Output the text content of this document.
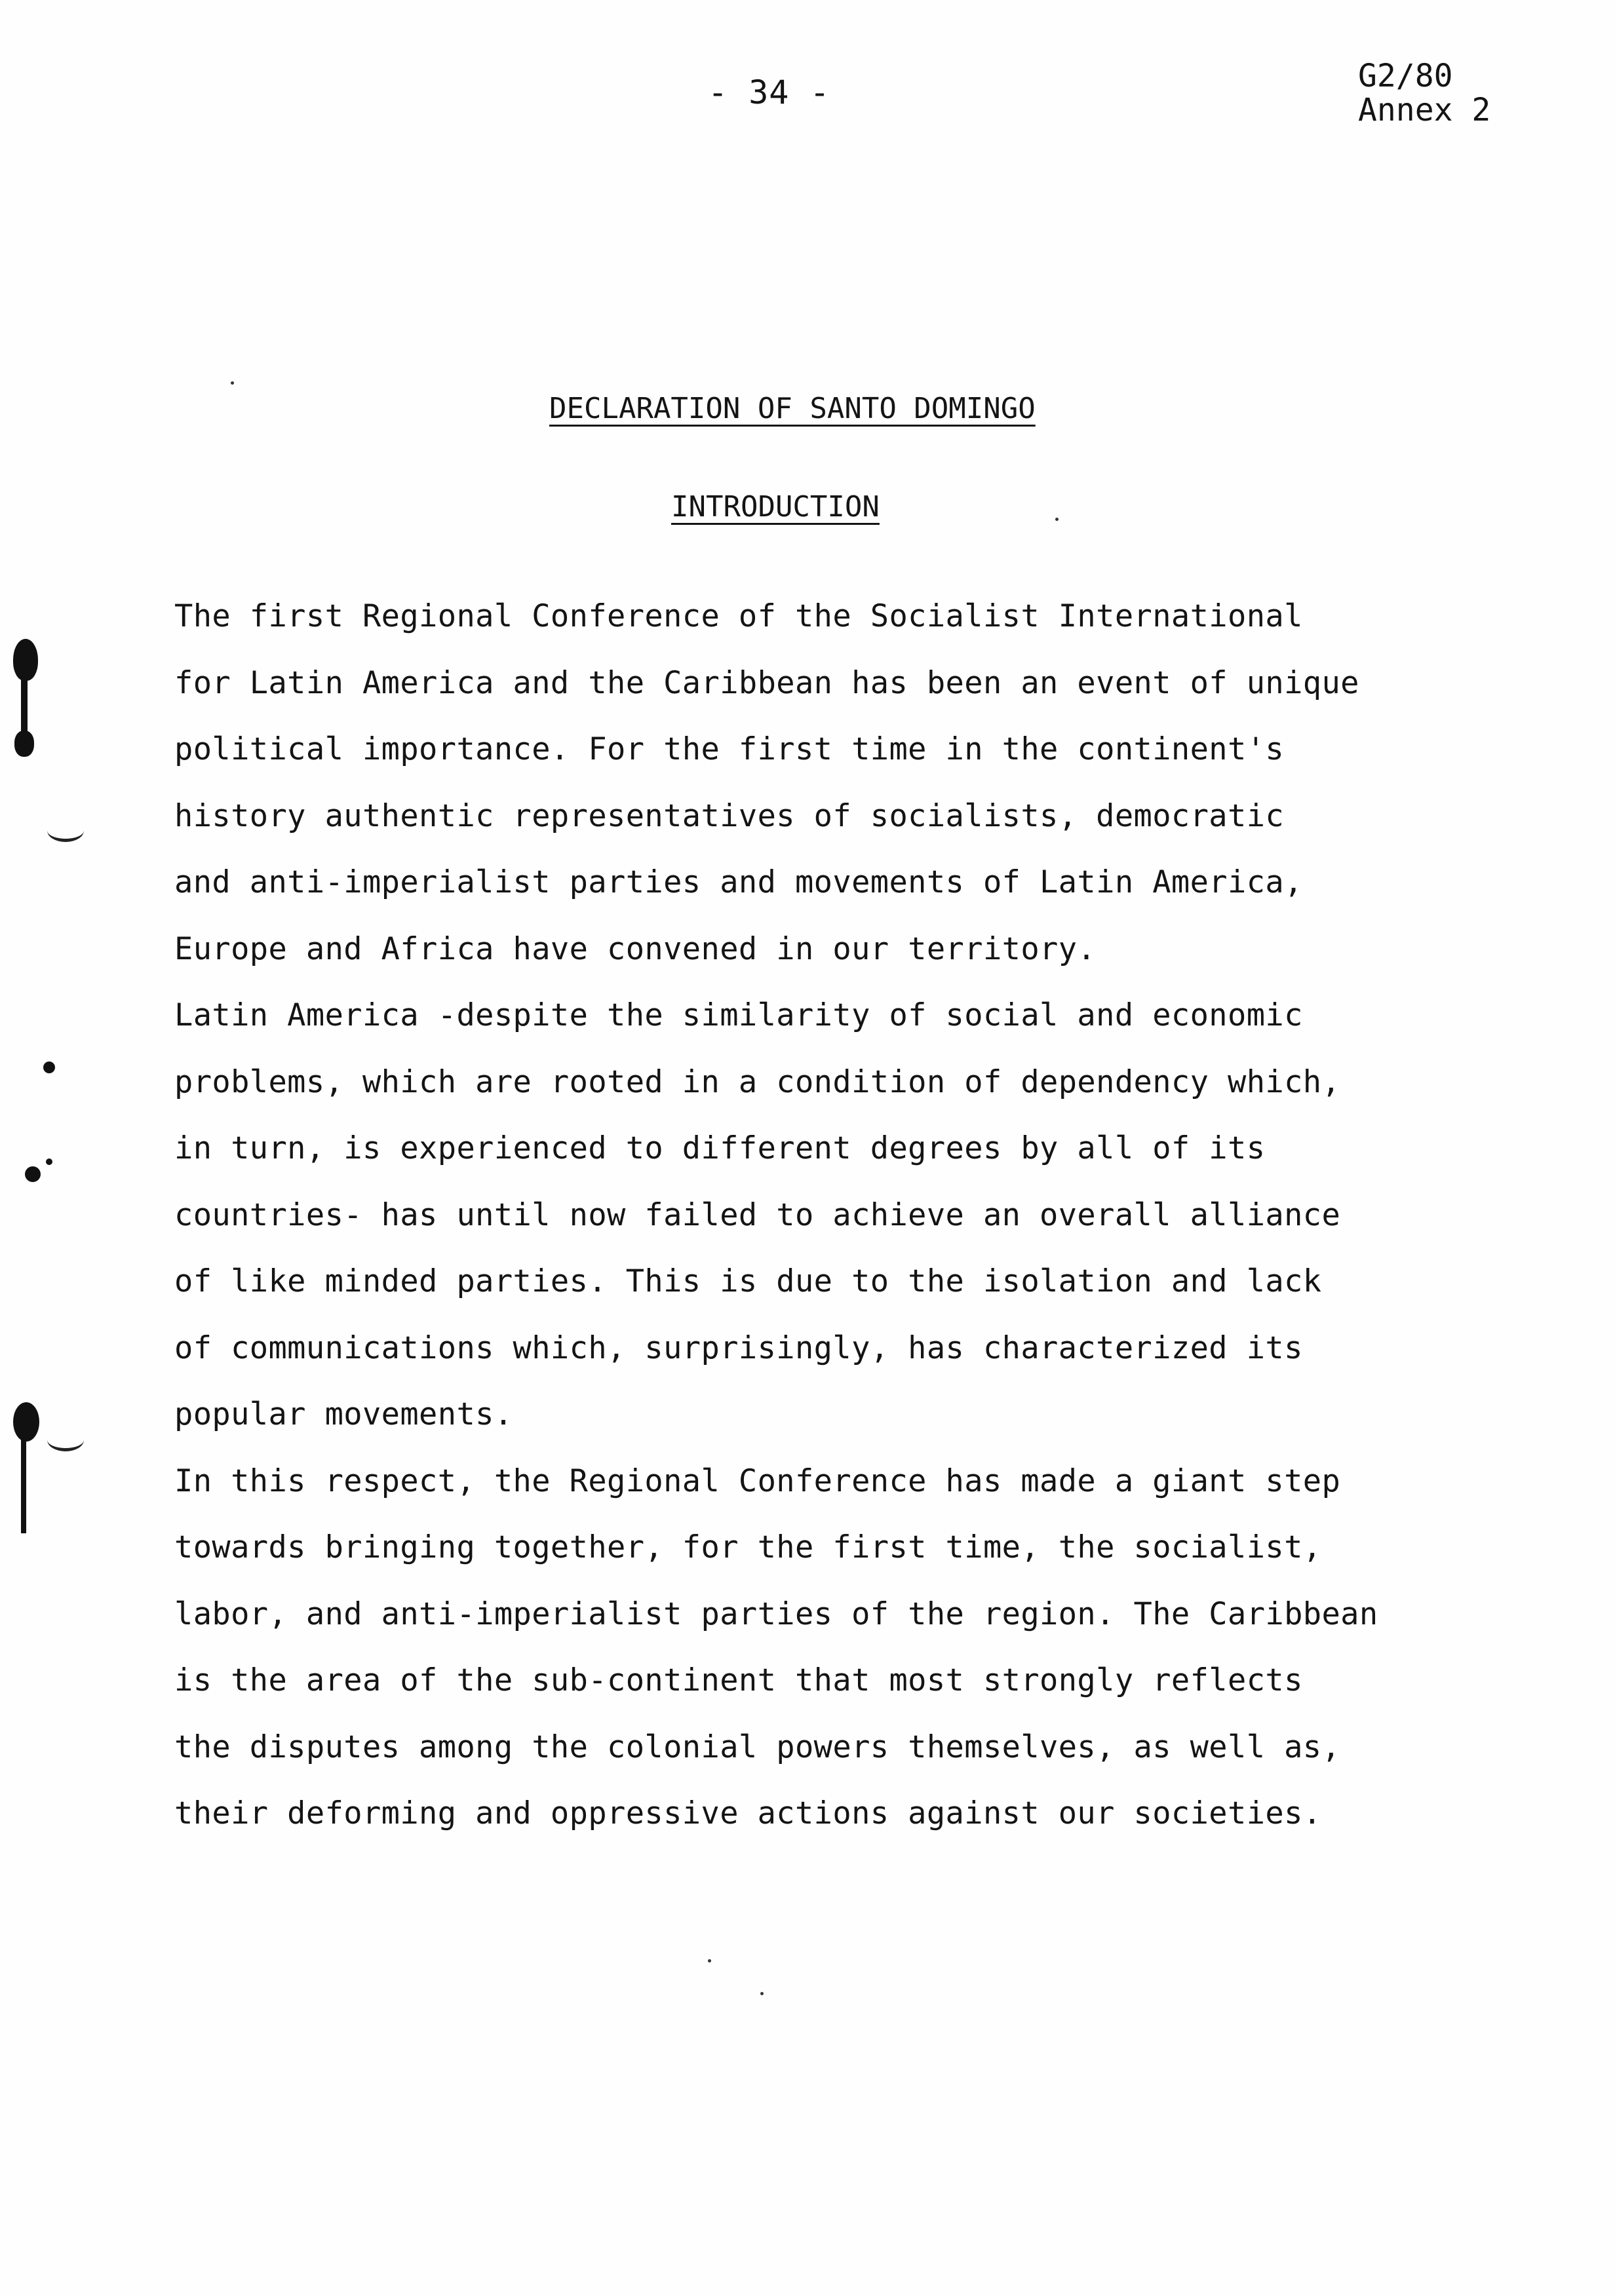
- 34 -	G2/80
Annex 2
DECLARATION OF SANTO DOMINGO
INTRODUCTION
The first Regional Conference of the Socialist International
for Latin America and the Caribbean has been an event of unique
political importance. For the first time in the continent's
history authentic representatives of socialists, democratic
and anti-imperialist parties and movements of Latin America,
Europe and Africa have convened in our territory.
Latin America -despite the similarity of social and economic
problems, which are rooted in a condition of dependency which,
in turn, is experienced to different degrees by all of its
countries- has until now failed to achieve an overall alliance
of like minded parties. This is due to the isolation and lack
of communications which, surprisingly, has characterized its
popular movements.
In this respect, the Regional Conference has made a giant step
towards bringing together, for the first time, the socialist,
labor, and anti-imperialist parties of the region. The Caribbean
is the area of the sub-continent that most strongly reflects
the disputes among the colonial powers themselves, as well as,
their deforming and oppressive actions against our societies.
